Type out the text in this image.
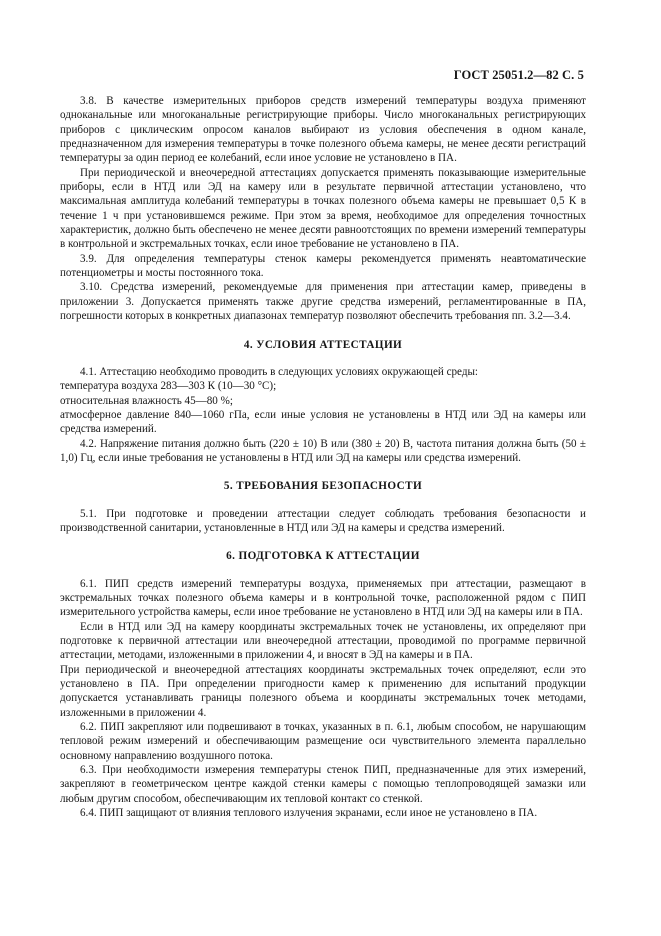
ГОСТ 25051.2—82 С. 5

3.8. В качестве измерительных приборов средств измерений температуры воздуха применяют одноканальные или многоканальные регистрирующие приборы. Число многоканальных регистрирующих приборов с циклическим опросом каналов выбирают из условия обеспечения в одном канале, предназначенном для измерения температуры в точке полезного объема камеры, не менее десяти регистраций температуры за один период ее колебаний, если иное условие не установлено в ПА.

При периодической и внеочередной аттестациях допускается применять показывающие измерительные приборы, если в НТД или ЭД на камеру или в результате первичной аттестации установлено, что максимальная амплитуда колебаний температуры в точках полезного объема камеры не превышает 0,5 К в течение 1 ч при установившемся режиме. При этом за время, необходимое для определения точностных характеристик, должно быть обеспечено не менее десяти равноотстоящих по времени измерений температуры в контрольной и экстремальных точках, если иное требование не установлено в ПА.

3.9. Для определения температуры стенок камеры рекомендуется применять неавтоматические потенциометры и мосты постоянного тока.

3.10. Средства измерений, рекомендуемые для применения при аттестации камер, приведены в приложении 3. Допускается применять также другие средства измерений, регламентированные в ПА, погрешности которых в конкретных диапазонах температур позволяют обеспечить требования пп. 3.2—3.4.

4. УСЛОВИЯ АТТЕСТАЦИИ

4.1. Аттестацию необходимо проводить в следующих условиях окружающей среды:

температура воздуха 283—303 К (10—30 °С);

относительная влажность 45—80 %;

атмосферное давление 840—1060 гПа, если иные условия не установлены в НТД или ЭД на камеры или средства измерений.

4.2. Напряжение питания должно быть (220 ± 10) В или (380 ± 20) В, частота питания должна быть (50 ± 1,0) Гц, если иные требования не установлены в НТД или ЭД на камеры или средства измерений.

5. ТРЕБОВАНИЯ БЕЗОПАСНОСТИ

5.1. При подготовке и проведении аттестации следует соблюдать требования безопасности и производственной санитарии, установленные в НТД или ЭД на камеры и средства измерений.

6. ПОДГОТОВКА К АТТЕСТАЦИИ

6.1. ПИП средств измерений температуры воздуха, применяемых при аттестации, размещают в экстремальных точках полезного объема камеры и в контрольной точке, расположенной рядом с ПИП измерительного устройства камеры, если иное требование не установлено в НТД или ЭД на камеры или в ПА.

Если в НТД или ЭД на камеру координаты экстремальных точек не установлены, их определяют при подготовке к первичной аттестации или внеочередной аттестации, проводимой по программе первичной аттестации, методами, изложенными в приложении 4, и вносят в ЭД на камеры и в ПА.

При периодической и внеочередной аттестациях координаты экстремальных точек определяют, если это установлено в ПА. При определении пригодности камер к применению для испытаний продукции допускается устанавливать границы полезного объема и координаты экстремальных точек методами, изложенными в приложении 4.

6.2. ПИП закрепляют или подвешивают в точках, указанных в п. 6.1, любым способом, не нарушающим тепловой режим измерений и обеспечивающим размещение оси чувствительного элемента параллельно основному направлению воздушного потока.

6.3. При необходимости измерения температуры стенок ПИП, предназначенные для этих измерений, закрепляют в геометрическом центре каждой стенки камеры с помощью теплопроводящей замазки или любым другим способом, обеспечивающим их тепловой контакт со стенкой.

6.4. ПИП защищают от влияния теплового излучения экранами, если иное не установлено в ПА.
